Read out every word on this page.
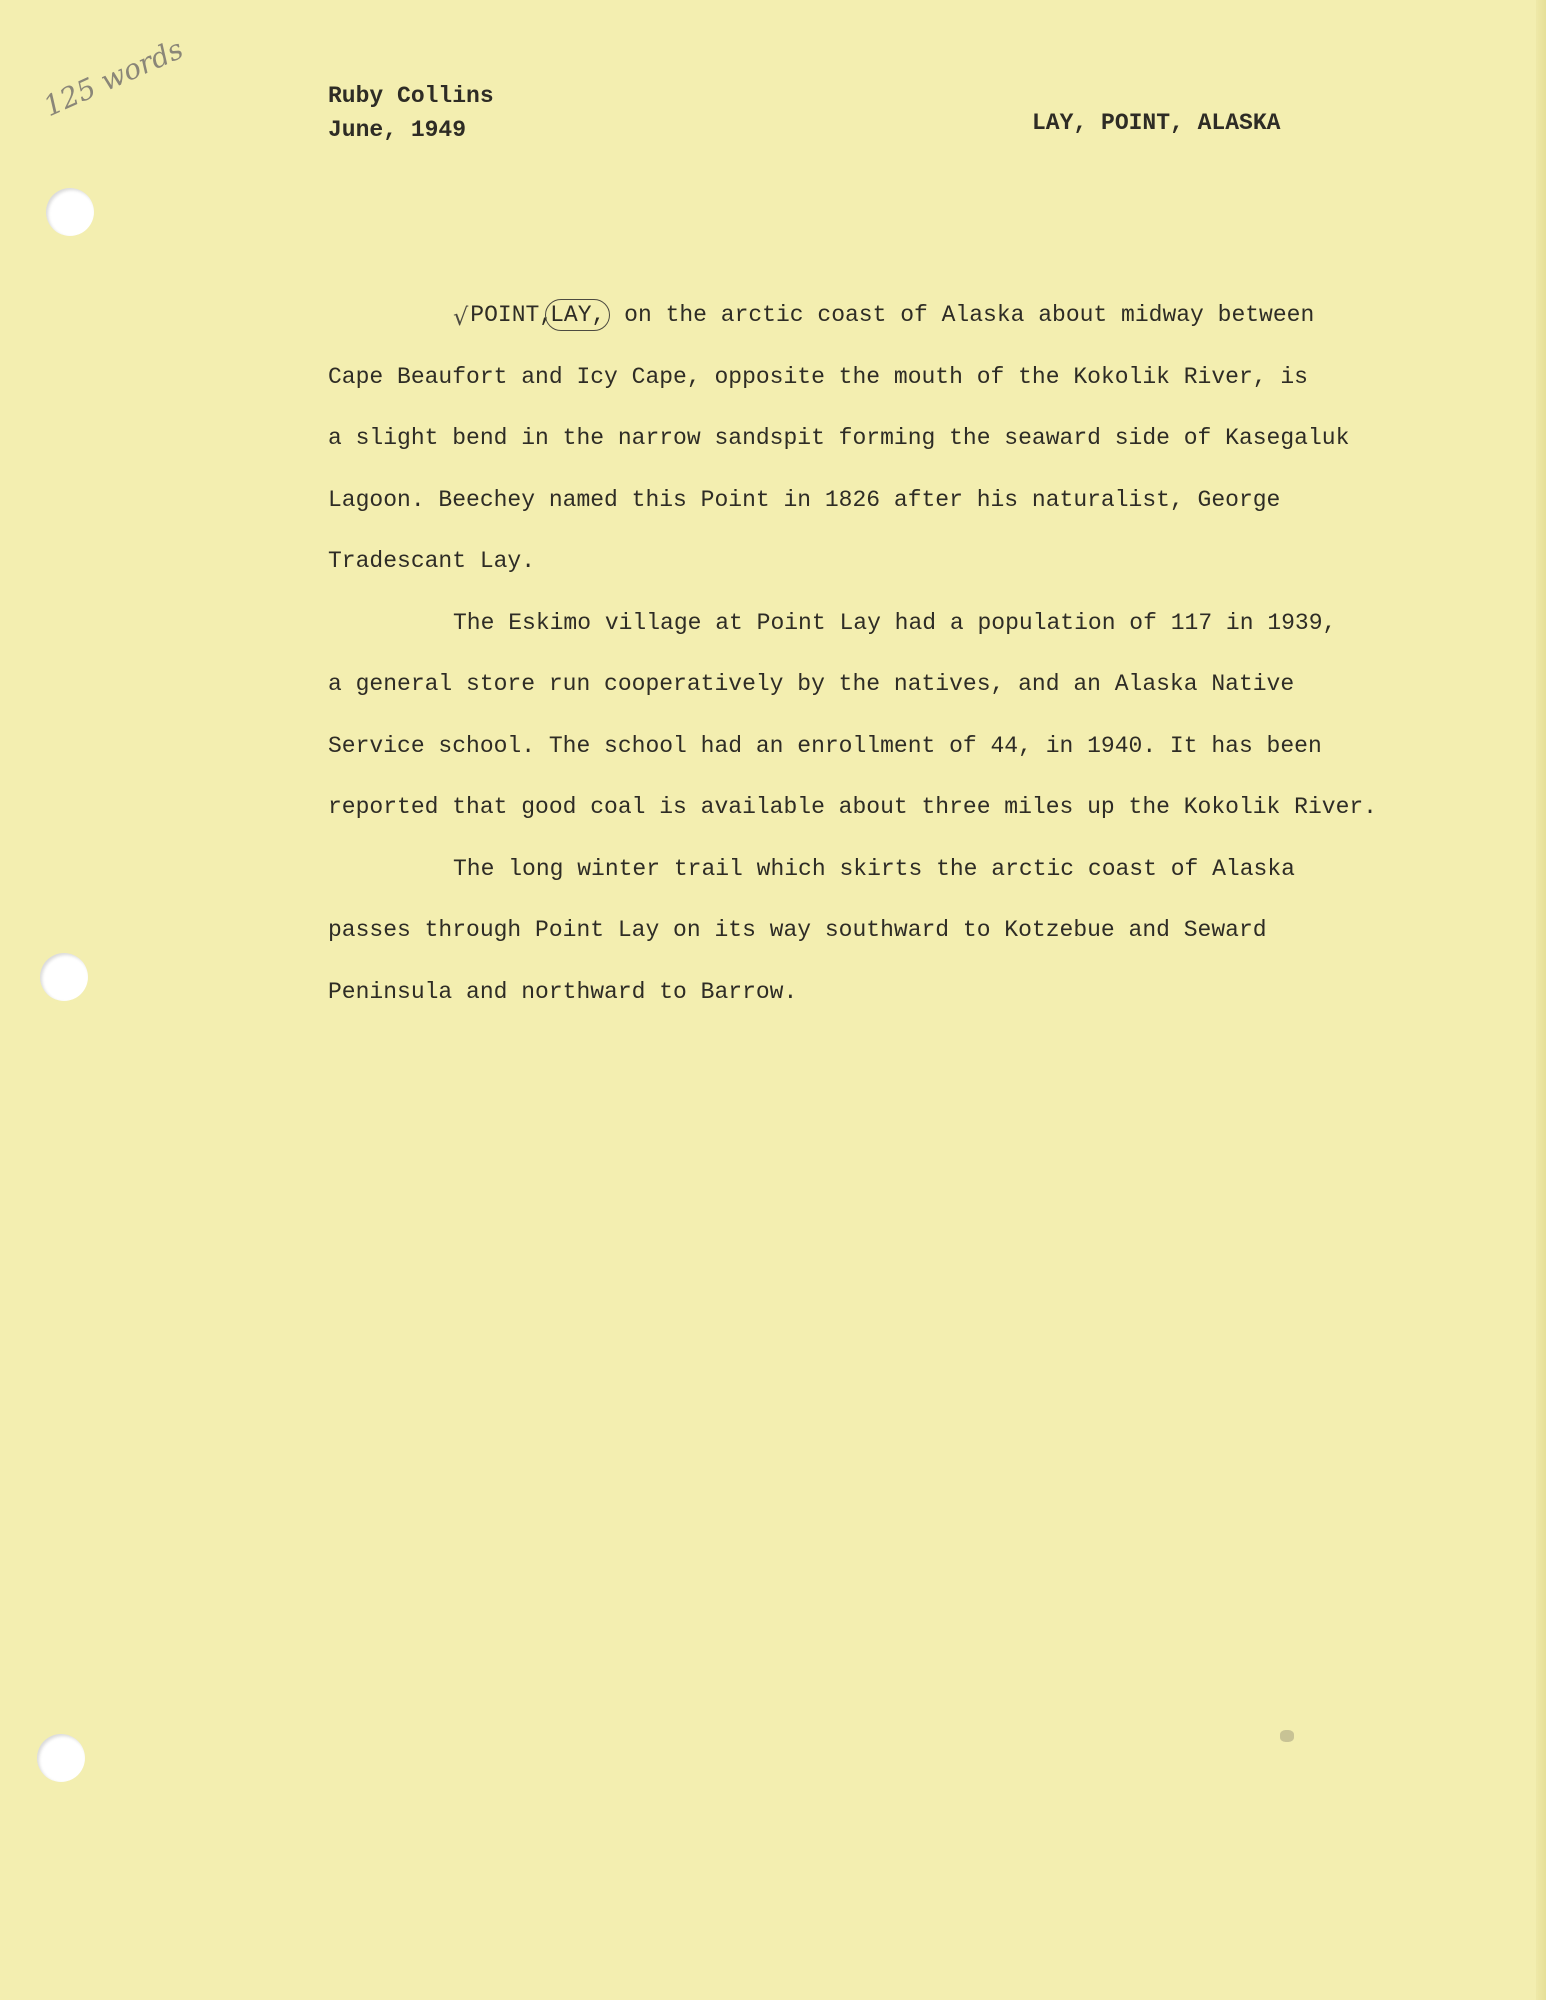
125 words	Ruby Collins
June, 1949	LAY, POINT, ALASKA
√POINT,LAY, on the arctic coast of Alaska about midway between
Cape Beaufort and Icy Cape, opposite the mouth of the Kokolik River, is
a slight bend in the narrow sandspit forming the seaward side of Kasegaluk
Lagoon. Beechey named this Point in 1826 after his naturalist, George
Tradescant Lay.
The Eskimo village at Point Lay had a population of 117 in 1939,
a general store run cooperatively by the natives, and an Alaska Native
Service school. The school had an enrollment of 44, in 1940. It has been
reported that good coal is available about three miles up the Kokolik River.
The long winter trail which skirts the arctic coast of Alaska
passes through Point Lay on its way southward to Kotzebue and Seward
Peninsula and northward to Barrow.
